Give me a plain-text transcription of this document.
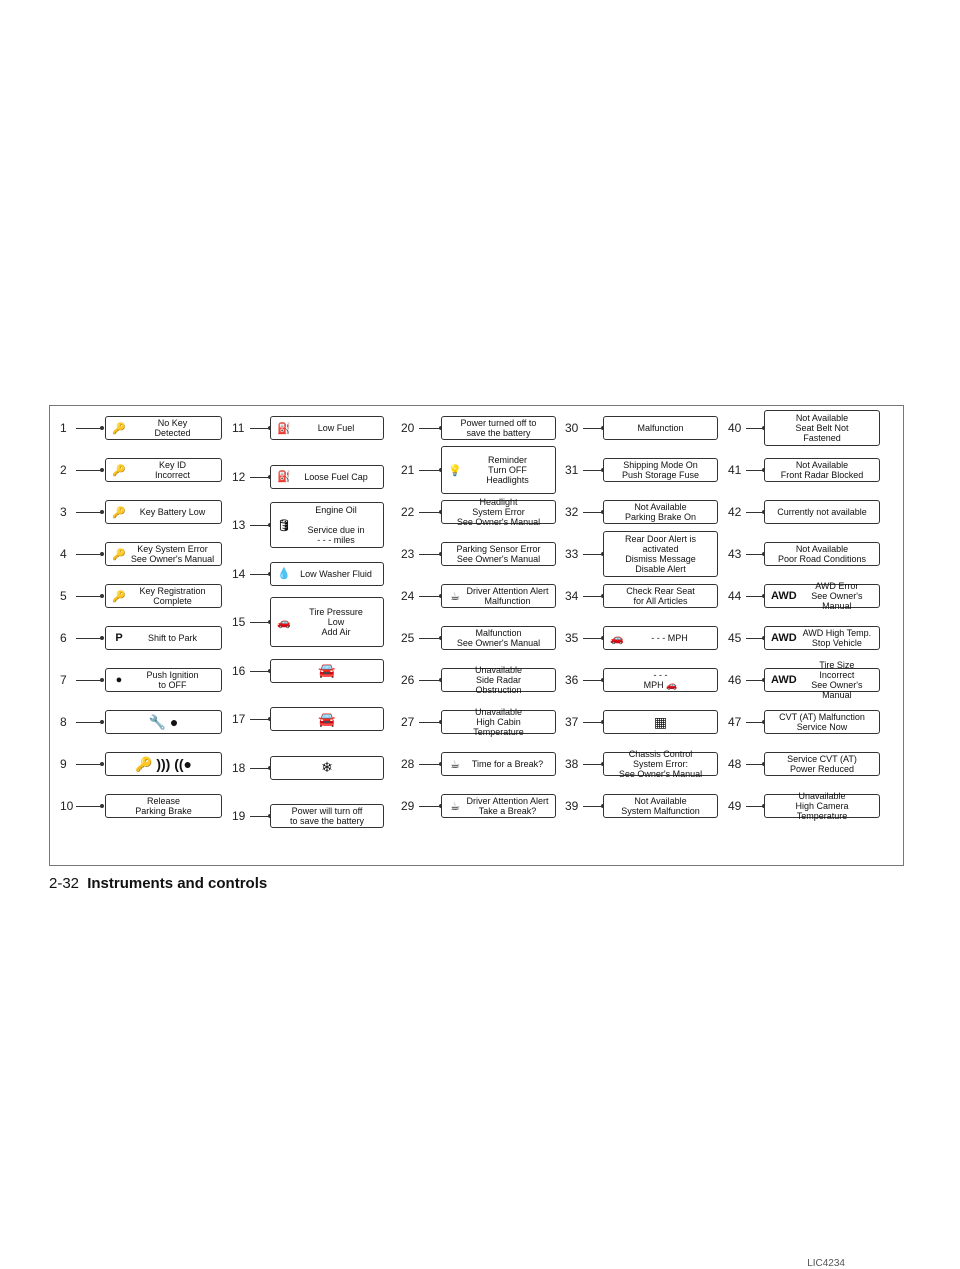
1	🔑	No Key
Detected
2	🔑	Key ID
Incorrect
3	🔑	Key Battery Low
4	🔑	Key System Error
See Owner's Manual
5	🔑	Key Registration
Complete
6	P	Shift to Park
7	●	Push Ignition
to OFF
8	🔧 ●
9	🔑 ))) ((●
10	Release
Parking Brake
11	⛽	Low Fuel
12	⛽	Loose Fuel Cap
13	🛢
Engine Oil

Service due in
- - - miles
14	💧	Low Washer Fluid
15	🚗
Tire Pressure
Low
Add Air
16	🚘
17	🚘
18	❄
19	Power will turn off
to save the battery
20	Power turned off to
save the battery
21	💡
Reminder
Turn OFF
Headlights
22
Headlight
System Error
See Owner's Manual
23	Parking Sensor Error
See Owner's Manual
24	☕ Driver Attention Alert
Malfunction
25	Malfunction
See Owner's Manual
26
Unavailable
Side Radar
Obstruction
27
Unavailable
High Cabin
Temperature
28	☕	Time for a Break?
29	☕ Driver Attention Alert
Take a Break?
30	Malfunction
31	Shipping Mode On
Push Storage Fuse
32	Not Available
Parking Brake On
33
Rear Door Alert is
activated
Dismiss Message
Disable Alert
34	Check Rear Seat
for All Articles
35	🚗	- - - MPH
36	- - -
MPH 🚗
37	▦
38
Chassis Control
System Error:
See Owner's Manual
39	Not Available
System Malfunction
40
Not Available
Seat Belt Not
Fastened
41	Not Available
Front Radar Blocked
42	Currently not available
43	Not Available
Poor Road Conditions
44	AWD
AWD Error
See Owner's Manual
45	AWD AWD High Temp.
Stop Vehicle
46	AWD
Tire Size Incorrect
See Owner's Manual
47	CVT (AT) Malfunction
Service Now
48	Service CVT (AT)
Power Reduced
49
Unavailable
High Camera Temperature
LIC4234
2-32 Instruments and controls
